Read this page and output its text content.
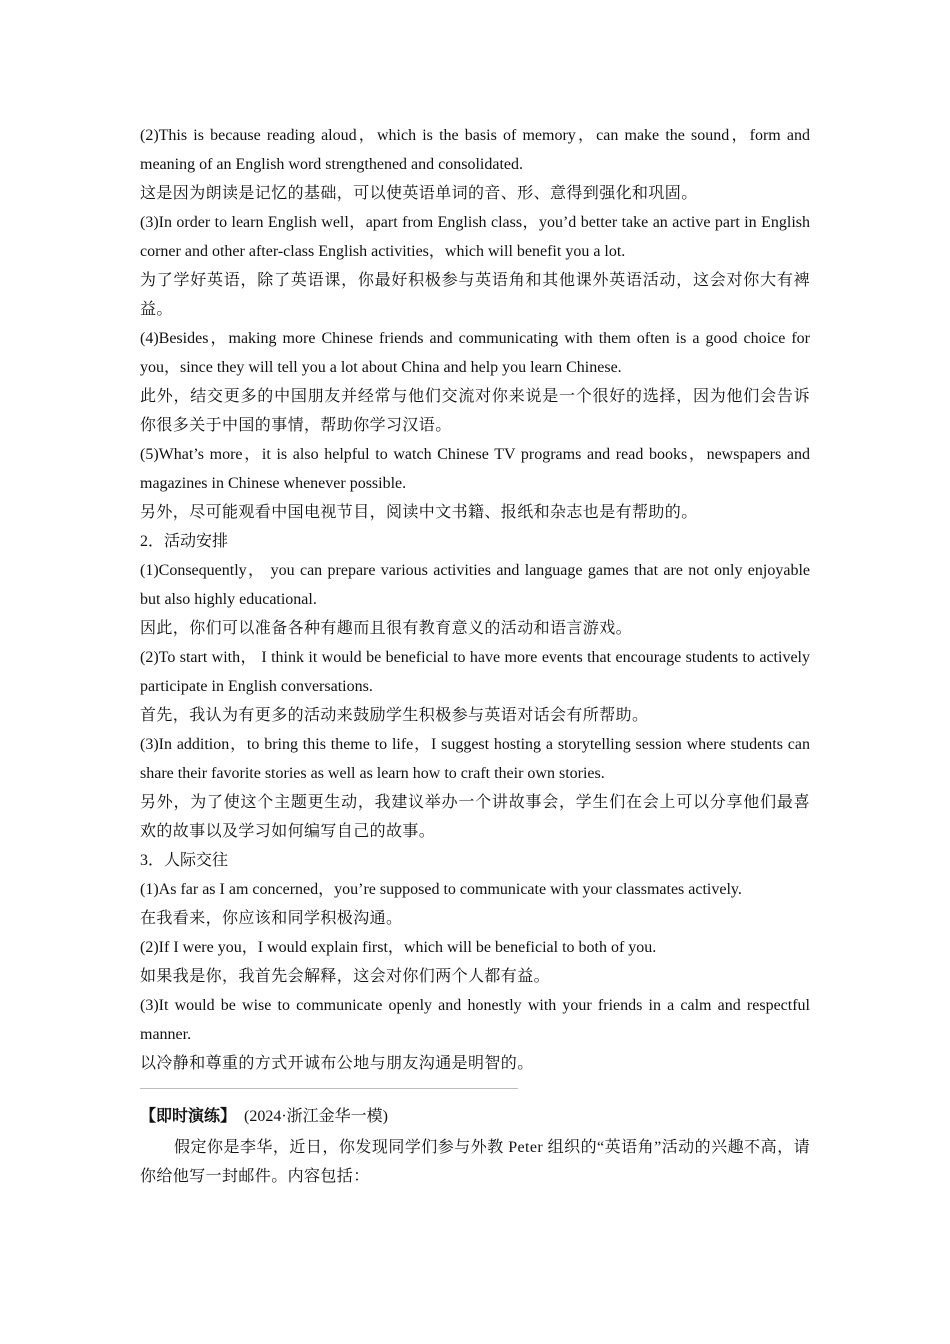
(2)This is because reading aloud，which is the basis of memory，can make the sound，form and meaning of an English word strengthened and consolidated.

这是因为朗读是记忆的基础，可以使英语单词的音、形、意得到强化和巩固。

(3)In order to learn English well，apart from English class，you’d better take an active part in English corner and other after-class English activities，which will benefit you a lot.

为了学好英语，除了英语课，你最好积极参与英语角和其他课外英语活动，这会对你大有裨益。

(4)Besides，making more Chinese friends and communicating with them often is a good choice for you，since they will tell you a lot about China and help you learn Chinese.

此外，结交更多的中国朋友并经常与他们交流对你来说是一个很好的选择，因为他们会告诉你很多关于中国的事情，帮助你学习汉语。

(5)What’s more，it is also helpful to watch Chinese TV programs and read books，newspapers and magazines in Chinese whenever possible.

另外，尽可能观看中国电视节目，阅读中文书籍、报纸和杂志也是有帮助的。

2．活动安排

(1)Consequently， you can prepare various activities and language games that are not only enjoyable but also highly educational.

因此，你们可以准备各种有趣而且很有教育意义的活动和语言游戏。

(2)To start with， I think it would be beneficial to have more events that encourage students to actively participate in English conversations.

首先，我认为有更多的活动来鼓励学生积极参与英语对话会有所帮助。

(3)In addition，to bring this theme to life，I suggest hosting a storytelling session where students can share their favorite stories as well as learn how to craft their own stories.

另外，为了使这个主题更生动，我建议举办一个讲故事会，学生们在会上可以分享他们最喜欢的故事以及学习如何编写自己的故事。

3．人际交往

(1)As far as I am concerned，you’re supposed to communicate with your classmates actively.

在我看来，你应该和同学积极沟通。

(2)If I were you，I would explain first，which will be beneficial to both of you.

如果我是你，我首先会解释，这会对你们两个人都有益。

(3)It would be wise to communicate openly and honestly with your friends in a calm and respectful manner.

以冷静和尊重的方式开诚布公地与朋友沟通是明智的。

【即时演练】 (2024·浙江金华一模)

假定你是李华，近日，你发现同学们参与外教 Peter 组织的“英语角”活动的兴趣不高，请你给他写一封邮件。内容包括：
